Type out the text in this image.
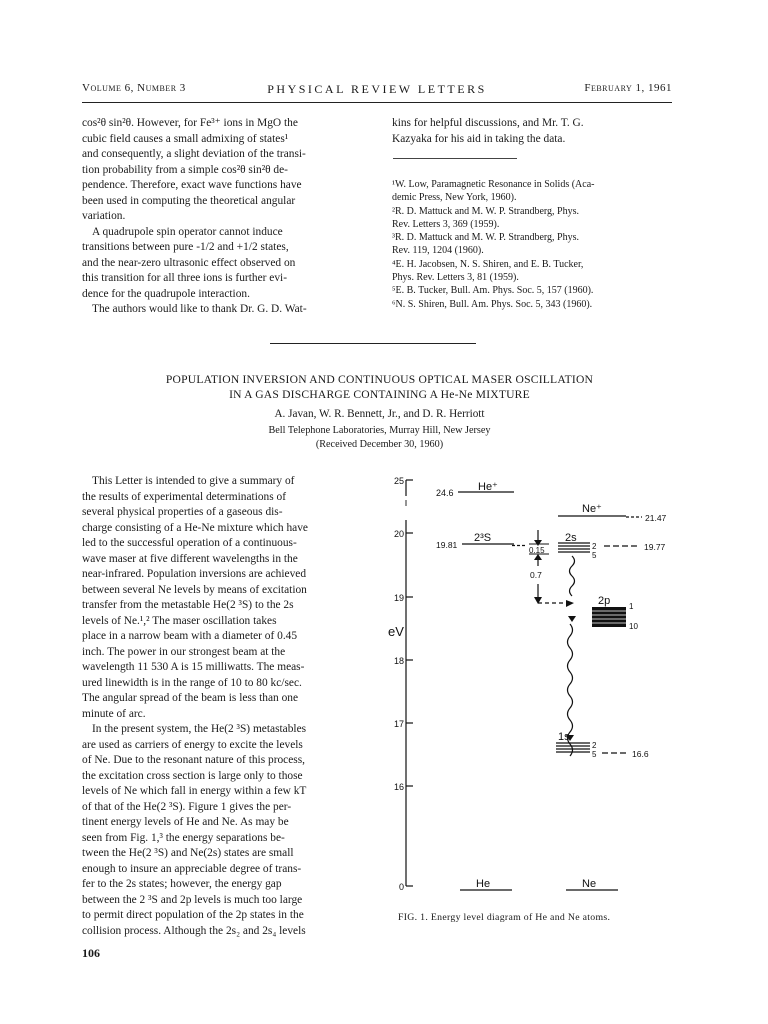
Volume 6, Number 3	PHYSICAL REVIEW LETTERS	February 1, 1961
cos²θ sin²θ. However, for Fe³⁺ ions in MgO the
cubic field causes a small admixing of states¹
and consequently, a slight deviation of the transi-
tion probability from a simple cos²θ sin²θ de-
pendence. Therefore, exact wave functions have
been used in computing the theoretical angular
variation.
A quadrupole spin operator cannot induce
transitions between pure -1/2 and +1/2 states,
and the near-zero ultrasonic effect observed on
this transition for all three ions is further evi-
dence for the quadrupole interaction.
The authors would like to thank Dr. G. D. Wat-
kins for helpful discussions, and Mr. T. G.
Kazyaka for his aid in taking the data.
¹W. Low, Paramagnetic Resonance in Solids (Aca-
demic Press, New York, 1960).
²R. D. Mattuck and M. W. P. Strandberg, Phys.
Rev. Letters 3, 369 (1959).
³R. D. Mattuck and M. W. P. Strandberg, Phys.
Rev. 119, 1204 (1960).
⁴E. H. Jacobsen, N. S. Shiren, and E. B. Tucker,
Phys. Rev. Letters 3, 81 (1959).
⁵E. B. Tucker, Bull. Am. Phys. Soc. 5, 157 (1960).
⁶N. S. Shiren, Bull. Am. Phys. Soc. 5, 343 (1960).
POPULATION INVERSION AND CONTINUOUS OPTICAL MASER OSCILLATION
IN A GAS DISCHARGE CONTAINING A He-Ne MIXTURE
A. Javan, W. R. Bennett, Jr., and D. R. Herriott
Bell Telephone Laboratories, Murray Hill, New Jersey
(Received December 30, 1960)
This Letter is intended to give a summary of
the results of experimental determinations of
several physical properties of a gaseous dis-
charge consisting of a He-Ne mixture which have
led to the successful operation of a continuous-
wave maser at five different wavelengths in the
near-infrared. Population inversions are achieved
between several Ne levels by means of excitation
transfer from the metastable He(2 ³S) to the 2s
levels of Ne.¹,² The maser oscillation takes
place in a narrow beam with a diameter of 0.45
inch. The power in our strongest beam at the
wavelength 11 530 A is 15 milliwatts. The meas-
ured linewidth is in the range of 10 to 80 kc/sec.
The angular spread of the beam is less than one
minute of arc.
In the present system, the He(2 ³S) metastables
are used as carriers of energy to excite the levels
of Ne. Due to the resonant nature of this process,
the excitation cross section is large only to those
levels of Ne which fall in energy within a few kT
of that of the He(2 ³S). Figure 1 gives the per-
tinent energy levels of He and Ne. As may be
seen from Fig. 1,³ the energy separations be-
tween the He(2 ³S) and Ne(2s) states are small
enough to insure an appreciable degree of trans-
fer to the 2s states; however, the energy gap
between the 2 ³S and 2p levels is much too large
to permit direct population of the 2p states in the
collision process. Although the 2s₂ and 2s₄ levels
25
20
19
18
17
16
0
eV
He⁺
24.6
Ne⁺
21.47
2³S
19.81
0.15
0.7
2s
2
5
19.77
2p 1
10
1s
2
5	16.6
He	Ne
FIG. 1. Energy level diagram of He and Ne atoms.
106
